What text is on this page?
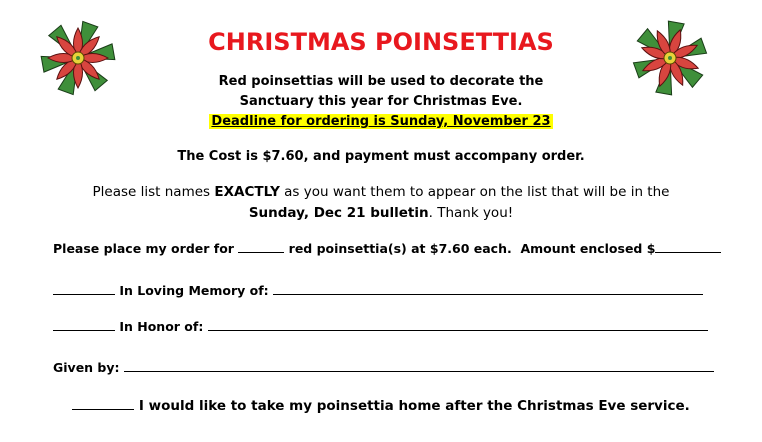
CHRISTMAS POINSETTIAS
Red poinsettias will be used to decorate the
Sanctuary this year for Christmas Eve.
Deadline for ordering is Sunday, November 23
The Cost is $7.60, and payment must accompany order.
Please list names EXACTLY as you want them to appear on the list that will be in the
Sunday, Dec 21 bulletin. Thank you!
Please place my order for	red poinsettia(s) at $7.60 each.  Amount enclosed $
In Loving Memory of:
In Honor of:
Given by:
I would like to take my poinsettia home after the Christmas Eve service.
